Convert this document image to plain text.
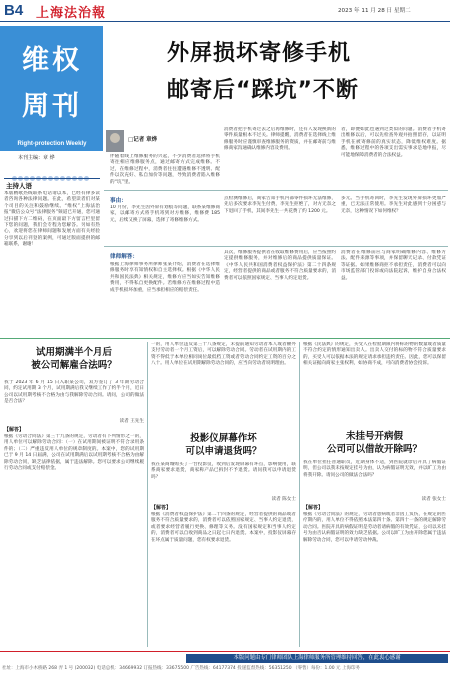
B4 上海法治報	2023 年 11 月 28 日 星期二
维权
周刊
Right-protection Weekly
本刊主编：章 烨
主持人语
本版精歌热线联系电话请以本，已经有律多读者咨询各种法律问题。在此，希望读者们对某个司目的关注和鼓励继续。“维权”上海法治报“微信公众号“法律服务”频道已开通，您可通过扫描下方二维码，在页面最下方留言栏里留下您的问题，我们会专程为您解答。另如有热心，欢迎将您在律师间题和发展方面有关经验分享到以后刊登的案例，可通过版面提供的邮箱联系，谢谢！
外屏损坏寄修手机
邮寄后“踩坑”不断
□记者 章烨
伴随着线上维修服务的兴起，不少消费者选择将手机寄往相应维修服务点，通过邮寄方式完成维修。不过，在维修过程中，消费者往往遭遇维修不透明、配件以次充好、私自加价等问题，导致消费者陷入维修的“坑”里。
消费者把手机寄过去之后再维修时，还有人发现换新的零件质量根本不过关。律师提醒，消费者在选择线上维修服务时应谨慎审查维修服务的资质，并在邮寄前与维修商家沟通确认维修内容及费用。
者，即便如此也遇到过类似的问题。消费者手机寄出维修以后，可以先检查外观并拍照留存，以证明手机在被寄修前的真实状态，降低维权难度。据悉，维修过程中的各项支出需实事求是地申报，尽可能地保障消费者的合法权益。
事由：
10 月份，李先生因外屏有划痕等问题，联系某维修商家，以邮寄方式将手机寄到对方维修，维修费 185 元，后续又换了屏幕，选择了寄修维修方式。
点检测维修后，商家告知手机内部零件损坏无法维修，先后多次要求李先生付费，李先生拒绝了，对方无奈之下退回了手机，其间李先生一共花费了约 1200 元。
多元。当手机寄回时，李先生发现外屏损坏更加严重，已无法正常使用。李先生对此感到十分困惑与无奈，这种情况下如何维权？
律师解答：
根据上海律师事务所律师张某介绍，消费者在选择维修服务时享有知情权和自主选择权。根据《中华人民共和国民法典》相关规定，维修方应当如实告知维修费用，不得私自更换配件。若维修方在维修过程中造成手机损坏加重，应当承担相应的赔偿责任。
其次，维修服务提供者在收取维修费用后，应当按照约定提供维修服务，并对维修后的商品提供质量保证。《中华人民共和国消费者权益保护法》第二十四条规定，经营者提供的商品或者服务不符合质量要求的，消费者可以依照国家规定、当事人约定退货。
消费者在维修前应与商家明确维修内容、维修方法、配件来源等事项，并保留聊天记录、付款凭证等证据。如果维修商拒不承担责任，消费者可以向市场监管部门投诉或向法院起诉，维护自身合法权益。
试用期满半个月后
被公司解雇合法吗？
我于 2023 年 6 月 15 日入职某公司，双方签订了 3 年期劳动合同，约定试用期 3 个月，试用期满后我又继续工作了约半个月，近日公司以试用期考核不合格为由与我解除劳动合同。请问，公司的做法是否合法？
读者 王先生
【解答】
根据《劳动合同法》第三十九条的规定，劳动者有下列情形之一的，用人单位可以解除劳动合同：（一）在试用期间被证明不符合录用条件的；（二）严重违反用人单位的规章制度的。本案中，您的试用期已于 9 月 14 日届满，公司在试用期满后以试用期考核不合格为由解除劳动合同，缺乏法律依据，属于违法解除。您可以要求公司继续履行劳动合同或支付赔偿金。
一的，用人单位违反第三十八条规定，未提前通知劳动者本人或者额外支付劳动者一个月工资后，可以解除劳动合同。劳动者在试用期内的工资不得低于本单位相同岗位最低档工资或者劳动合同约定工资的百分之八十。用人单位在试用期解除劳动合同的，应当向劳动者说明理由。
投影仪屏幕作坏
可以申请退货吗？
我在某商城购买了一台投影仪，收到后发现屏幕有坏点，影响使用，联系商家要求退货，商家称产品已拆封不予退货。请问我可以申请退货吗？
读者 陈女士
【解答】
根据《消费者权益保护法》第二十四条的规定，经营者提供的商品或者服务不符合质量要求的，消费者可以依照国家规定、当事人约定退货，或者要求经营者履行更换、修理等义务。没有国家规定和当事人约定的，消费者可以自收到商品之日起七日内退货。本案中，投影仪屏幕存在坏点属于质量问题，您有权要求退货。
根据《民法典》的规定，买受人在检验期限内将标的物的数量或者质量不符合约定的情形通知出卖人。出卖人交付的标的物不符合质量要求的，买受人可以依据本法的规定请求承担违约责任。因此，您可以保留相关证据向商家主张权利，如协商不成，可向消费者协会投诉。
未挂号开病假
公司可以借故开除吗？
我在单位担任普通职员，近期身体不适，到医院就诊后开具了病假证明，但公司以我未按规定挂号为由，认为病假证明无效，并以旷工为由将我开除。请问公司的做法合法吗？
读者 张女士
【解答】
根据《劳动合同法》的规定，劳动者患病或者非因工负伤，在规定的医疗期内的，用人单位不得依照本法第四十条、第四十一条的规定解除劳动合同。医院开具的病假证明是劳动者请病假的有效凭证，公司以未挂号为由否认病假证明的效力缺乏依据。公司以旷工为由开除您属于违法解除劳动合同，您可以申请劳动仲裁。
本版问题由专门律师团队上海律师服务所管理维持回答，在此衷心感谢
社址：上海市小木桥路 268 弄 1 号 (200032) 电话总机：34669932 订报热线：33675500 广告热线：64177374 投递监督热线：56351250 （零售）每份：1.00 元 上海印务
